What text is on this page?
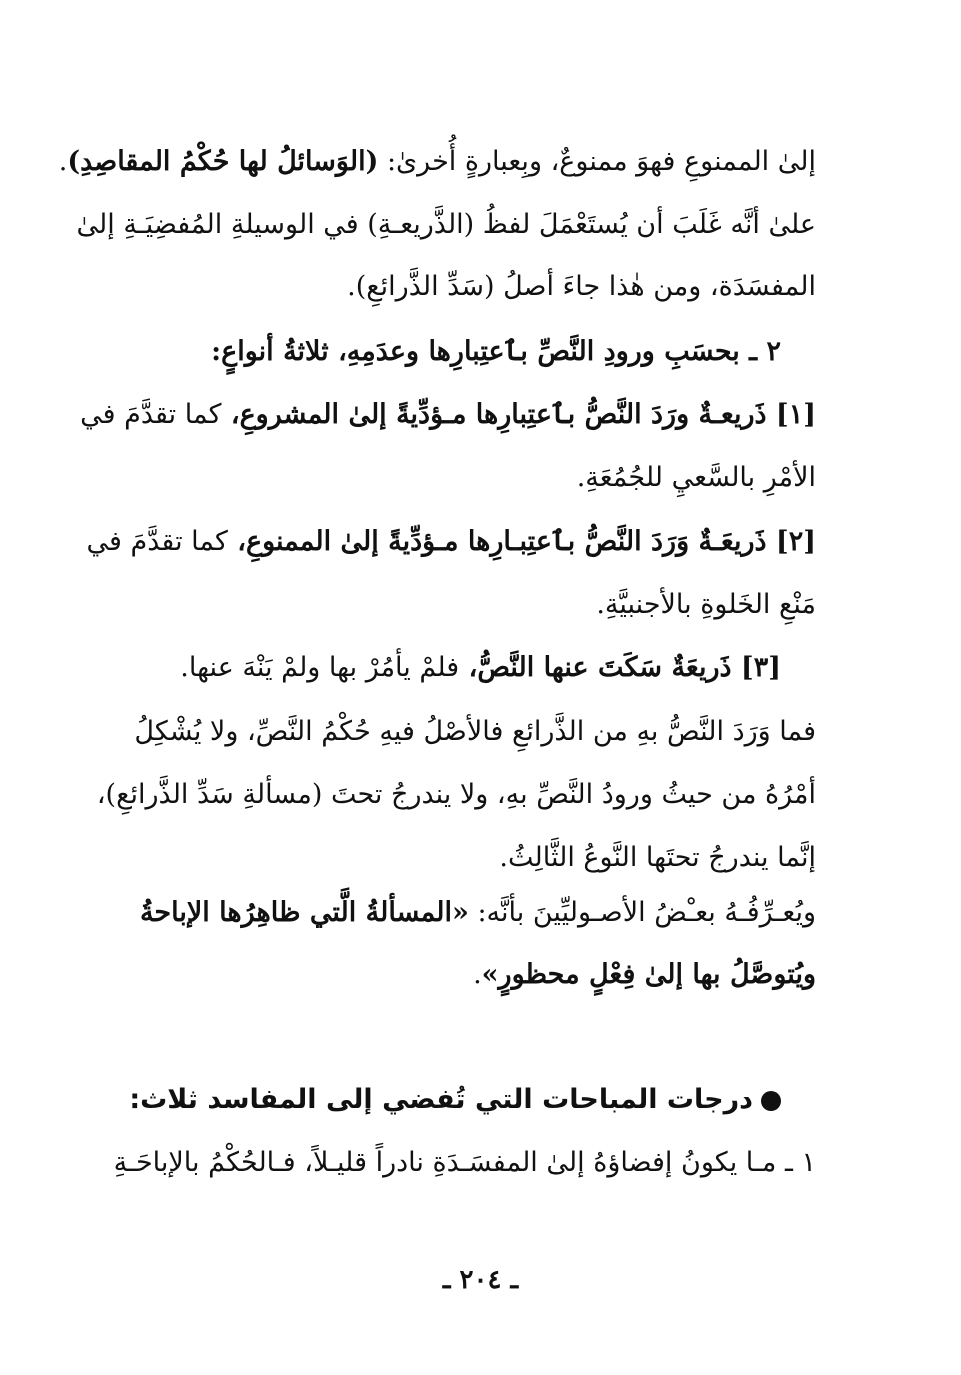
إلىٰ الممنوعِ فهوَ ممنوعٌ، وبِعبارةٍ أُخرىٰ: (الوَسائلُ لها حُكْمُ المقاصِدِ).
علىٰ أنَّه غَلَبَ أن يُستَعْمَلَ لفظُ (الذَّريعـةِ) في الوسيلةِ المُفضِيَـةِ إلىٰ
المفسَدَة، ومن هٰذا جاءَ أصلُ (سَدِّ الذَّرائعِ).
٢ ـ بحسَبِ ورودِ النَّصِّ بٱعتِبارِها وعدَمِهِ، ثلاثةُ أنواعٍ:
[١] ذَريعـةٌ ورَدَ النَّصُّ بٱعتِبارِها مـؤدِّيةً إلىٰ المشروعِ، كما تقدَّمَ في
الأمْرِ بالسَّعيِ للجُمُعَةِ.
[٢] ذَريعَـةٌ وَرَدَ النَّصُّ بٱعتِبـارِها مـؤدِّيةً إلىٰ الممنوعِ، كما تقدَّمَ في
مَنْعِ الخَلوةِ بالأجنبيَّةِ.
[٣] ذَريعَةٌ سَكَتَ عنها النَّصُّ، فلمْ يأمُرْ بها ولمْ يَنْهَ عنها.
فما وَرَدَ النَّصُّ بهِ من الذَّرائعِ فالأصْلُ فيهِ حُكْمُ النَّصِّ، ولا يُشْكِلُ
أمْرُهُ من حيثُ ورودُ النَّصِّ بهِ، ولا يندرجُ تحتَ (مسألةِ سَدِّ الذَّرائعِ)،
إنَّما يندرجُ تحتَها النَّوعُ الثَّالِثُ.
ويُعـرِّفُـهُ بعـْضُ الأصـوليِّينَ بأنَّه: «المسألةُ الَّتي ظاهِرُها الإباحةُ
ويُتوصَّلُ بها إلىٰ فِعْلٍ محظورٍ».
درجات المباحات التي تُفضي إلى المفاسد ثلاث:
١ ـ مـا يكونُ إفضاؤهُ إلىٰ المفسَـدَةِ نادراً قليـلاً، فـالحُكْمُ بالإباحَـةِ
ـ ٢٠٤ ـ
